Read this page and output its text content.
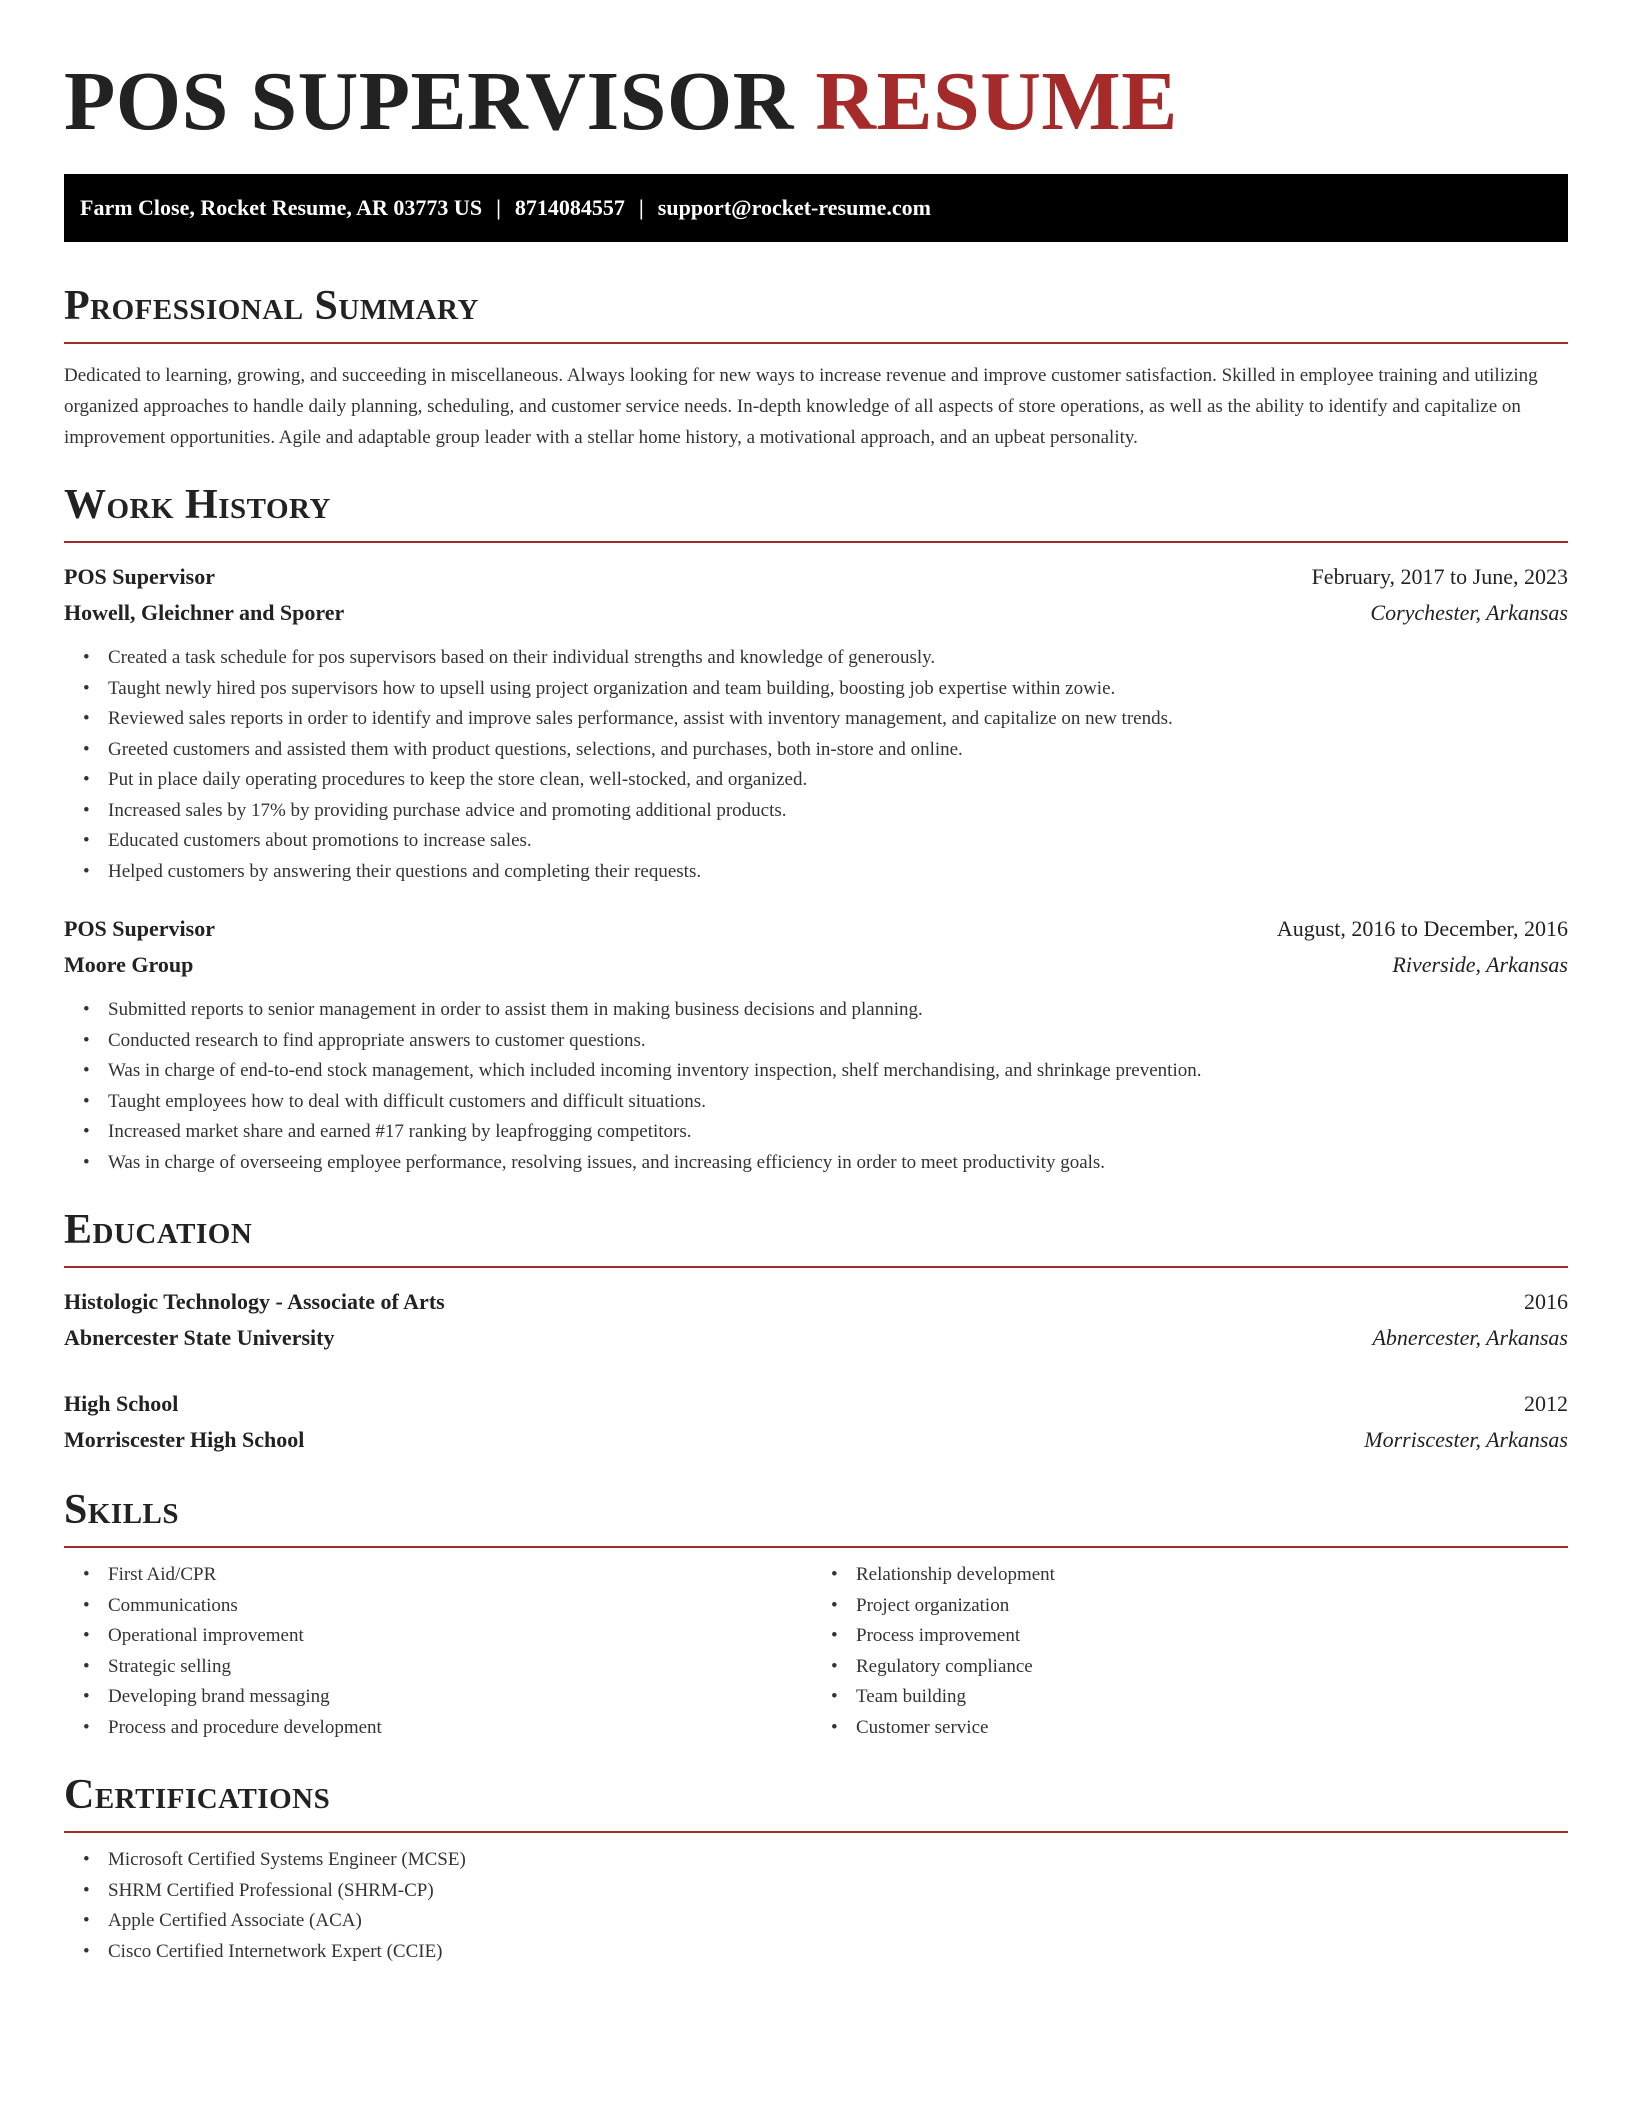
POS SUPERVISOR RESUME
Farm Close, Rocket Resume, AR 03773 US | 8714084557 | support@rocket-resume.com
Professional Summary

Dedicated to learning, growing, and succeeding in miscellaneous. Always looking for new ways to increase revenue and improve customer satisfaction. Skilled in employee training and utilizing organized approaches to handle daily planning, scheduling, and customer service needs. In-depth knowledge of all aspects of store operations, as well as the ability to identify and capitalize on improvement opportunities. Agile and adaptable group leader with a stellar home history, a motivational approach, and an upbeat personality.

Work History
POS Supervisor	February, 2017 to June, 2023
Howell, Gleichner and Sporer	Corychester, Arkansas
• Created a task schedule for pos supervisors based on their individual strengths and knowledge of generously.
• Taught newly hired pos supervisors how to upsell using project organization and team building, boosting job expertise within zowie.
• Reviewed sales reports in order to identify and improve sales performance, assist with inventory management, and capitalize on new trends.
• Greeted customers and assisted them with product questions, selections, and purchases, both in-store and online.
• Put in place daily operating procedures to keep the store clean, well-stocked, and organized.
• Increased sales by 17% by providing purchase advice and promoting additional products.
• Educated customers about promotions to increase sales.
• Helped customers by answering their questions and completing their requests.
POS Supervisor	August, 2016 to December, 2016
Moore Group	Riverside, Arkansas
• Submitted reports to senior management in order to assist them in making business decisions and planning.
• Conducted research to find appropriate answers to customer questions.
• Was in charge of end-to-end stock management, which included incoming inventory inspection, shelf merchandising, and shrinkage prevention.
• Taught employees how to deal with difficult customers and difficult situations.
• Increased market share and earned #17 ranking by leapfrogging competitors.
• Was in charge of overseeing employee performance, resolving issues, and increasing efficiency in order to meet productivity goals.
Education
Histologic Technology - Associate of Arts	2016
Abnercester State University	Abnercester, Arkansas
High School	2012
Morriscester High School	Morriscester, Arkansas
Skills
• First Aid/CPR
• Communications
• Operational improvement
• Strategic selling
• Developing brand messaging
• Process and procedure development
• Relationship development
• Project organization
• Process improvement
• Regulatory compliance
• Team building
• Customer service
Certifications
• Microsoft Certified Systems Engineer (MCSE)
• SHRM Certified Professional (SHRM-CP)
• Apple Certified Associate (ACA)
• Cisco Certified Internetwork Expert (CCIE)
